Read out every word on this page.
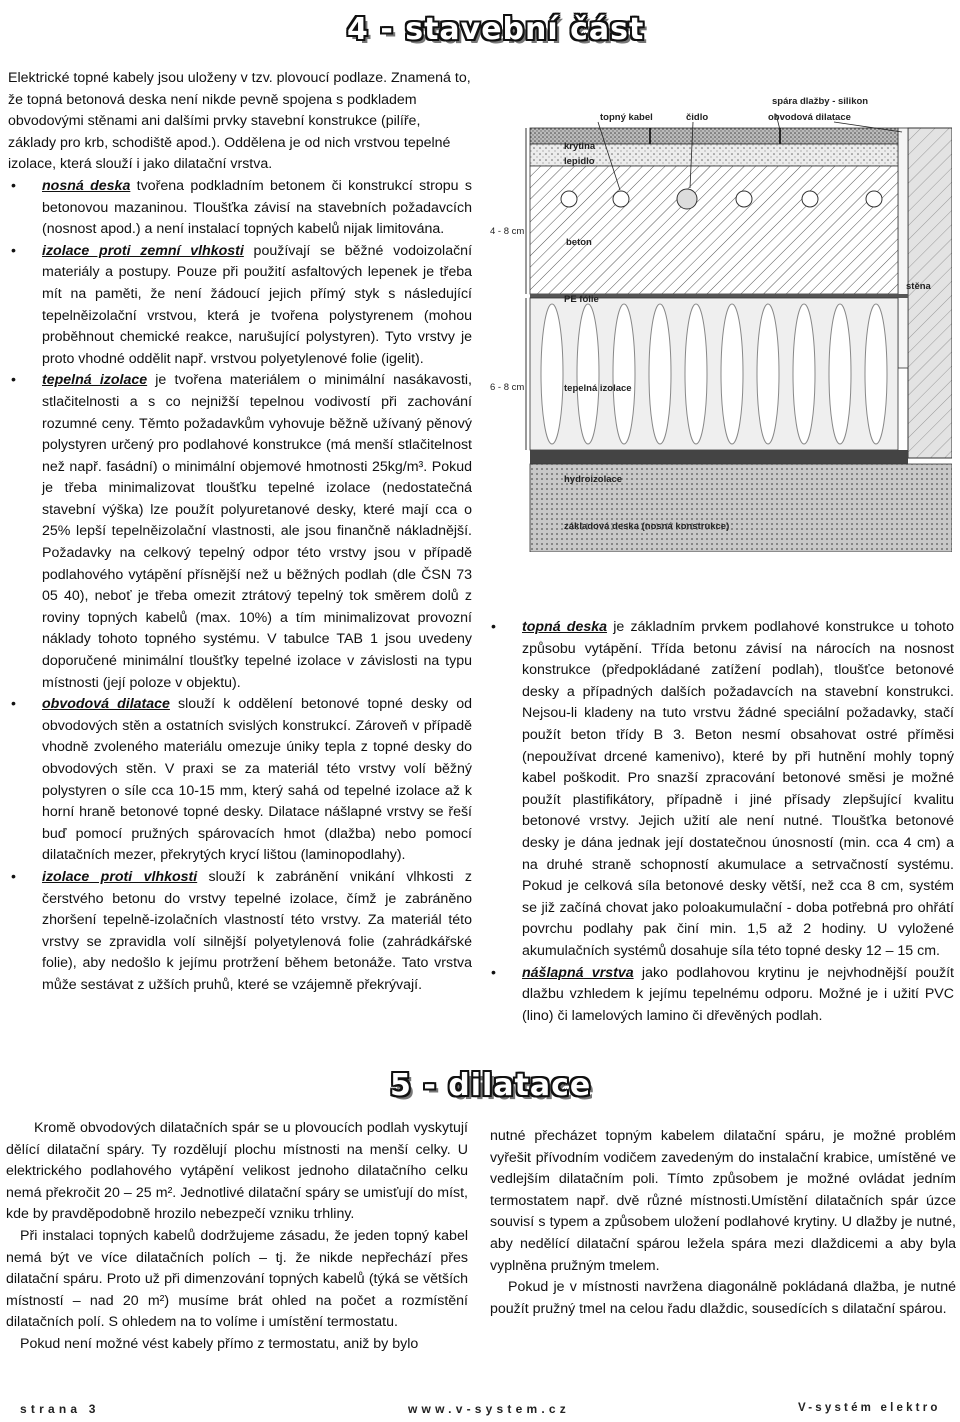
4 - stavební část
5 - dilatace

Elektrické topné kabely jsou uloženy v tzv. plovoucí podlaze. Znamená to, že topná betonová deska není nikde pevně spojena s podkladem obvodovými stěnami ani dalšími prvky stavební konstrukce (pilíře, základy pro krb, schodiště apod.). Oddělena je od nich vrstvou tepelné izolace, která slouží i jako dilatační vrstva.

• nosná deska tvořena podkladním betonem či konstrukcí stropu s betonovou mazaninou. Tloušťka závisí na stavebních požadavcích (nosnost apod.) a není instalací topných kabelů nijak limitována.

• izolace proti zemní vlhkosti používají se běžné vodoizolační materiály a postupy. Pouze při použití asfaltových lepenek je třeba mít na paměti, že není žádoucí jejich přímý styk s následující tepelněizolační vrstvou, která je tvořena polystyrenem (mohou proběhnout chemické reakce, narušující polystyren). Tyto vrstvy je proto vhodné oddělit např. vrstvou polyetylenové folie (igelit).

• tepelná izolace je tvořena materiálem o minimální nasákavosti, stlačitelnosti a s co nejnižší tepelnou vodivostí při zachování rozumné ceny. Těmto požadavkům vyhovuje běžně užívaný pěnový polystyren určený pro podlahové konstrukce (má menší stlačitelnost než např. fasádní) o minimální objemové hmotnosti 25kg/m³. Pokud je třeba minimalizovat tloušťku tepelné izolace (nedostatečná stavební výška) lze použít polyuretanové desky, které mají cca o 25% lepší tepelněizolační vlastnosti, ale jsou finančně nákladnější. Požadavky na celkový tepelný odpor této vrstvy jsou v případě podlahového vytápění přísnější než u běžných podlah (dle ČSN 73 05 40), neboť je třeba omezit ztrátový tepelný tok směrem dolů z roviny topných kabelů (max. 10%) a tím minimalizovat provozní náklady tohoto topného systému. V tabulce TAB 1 jsou uvedeny doporučené minimální tloušťky tepelné izolace v závislosti na typu místnosti (její poloze v objektu).

• obvodová dilatace slouží k oddělení betonové topné desky od obvodových stěn a ostatních svislých konstrukcí. Zároveň v případě vhodně zvoleného materiálu omezuje úniky tepla z topné desky do obvodových stěn. V praxi se za materiál této vrstvy volí běžný polystyren o síle cca 10-15 mm, který sahá od tepelné izolace až k horní hraně betonové topné desky. Dilatace nášlapné vrstvy se řeší buď pomocí pružných spárovacích hmot (dlažba) nebo pomocí dilatačních mezer, překrytých krycí lištou (laminopodlahy).

• izolace proti vlhkosti slouží k zabránění vnikání vlhkosti z čerstvého betonu do vrstvy tepelné izolace, čímž je zabráněno zhoršení tepelně-izolačních vlastností této vrstvy. Za materiál této vrstvy se zpravidla volí silnější polyetylenová folie (zahrádkářské folie), aby nedošlo k jejímu protržení během betonáže. Tato vrstva může sestávat z užších pruhů, které se vzájemně překrývají.

topný kabel	čidlo
spára dlažby - silikon
obvodová dilatace
krytina
lepidlo
beton
PE fólie
stěna
tepelná izolace
hydroizolace
základová deska (nosná konstrukce)
4 - 8 cm
6 - 8 cm

• topná deska je základním prvkem podlahové konstrukce u tohoto způsobu vytápění. Třída betonu závisí na nárocích na nosnost konstrukce (předpokládané zatížení podlah), tloušťce betonové desky a případných dalších požadavcích na stavební konstrukci. Nejsou-li kladeny na tuto vrstvu žádné speciální požadavky, stačí použít beton třídy B 3. Beton nesmí obsahovat ostré příměsi (nepoužívat drcené kamenivo), které by při hutnění mohly topný kabel poškodit. Pro snazší zpracování betonové směsi je možné použít plastifikátory, případně i jiné přísady zlepšující kvalitu betonové vrstvy. Jejich užití ale není nutné. Tloušťka betonové desky je dána jednak její dostatečnou únosností (min. cca 4 cm) a na druhé straně schopností akumulace a setrvačností systému. Pokud je celková síla betonové desky větší, než cca 8 cm, systém se již začíná chovat jako poloakumulační - doba potřebná pro ohřátí povrchu podlahy pak činí min. 1,5 až 2 hodiny. U vyložené akumulačních systémů dosahuje síla této topné desky 12 – 15 cm.

• nášlapná vrstva jako podlahovou krytinu je nejvhodnější použít dlažbu vzhledem k jejímu tepelnému odporu. Možné je i užití PVC (lino) či lamelových lamino či dřevěných podlah.

Kromě obvodových dilatačních spár se u plovoucích podlah vyskytují dělící dilatační spáry. Ty rozdělují plochu místnosti na menší celky. U elektrického podlahového vytápění velikost jednoho dilatačního celku nemá překročit 20 – 25 m². Jednotlivé dilatační spáry se umisťují do míst, kde by pravděpodobně hrozilo nebezpečí vzniku trhliny.

Při instalaci topných kabelů dodržujeme zásadu, že jeden topný kabel nemá být ve více dilatačních polích – tj. že nikde nepřechází přes dilatační spáru. Proto už při dimenzování topných kabelů (týká se větších místností – nad 20 m²) musíme brát ohled na počet a rozmístění dilatačních polí. S ohledem na to volíme i umístění termostatu.

Pokud není možné vést kabely přímo z termostatu, aniž by bylo

nutné přecházet topným kabelem dilatační spáru, je možné problém vyřešit přívodním vodičem zavedeným do instalační krabice, umístěné ve vedlejším dilatačním poli. Tímto způsobem je možné ovládat jedním termostatem např. dvě různé místnosti.Umístění dilatačních spár úzce souvisí s typem a způsobem uložení podlahové krytiny. U dlažby je nutné, aby nedělící dilatační spárou ležela spára mezi dlaždicemi a aby byla vyplněna pružným tmelem.

Pokud je v místnosti navržena diagonálně pokládaná dlažba, je nutné použít pružný tmel na celou řadu dlaždic, sousedících s dilatační spárou.

strana 3	www.v-system.cz	V-systém elektro
